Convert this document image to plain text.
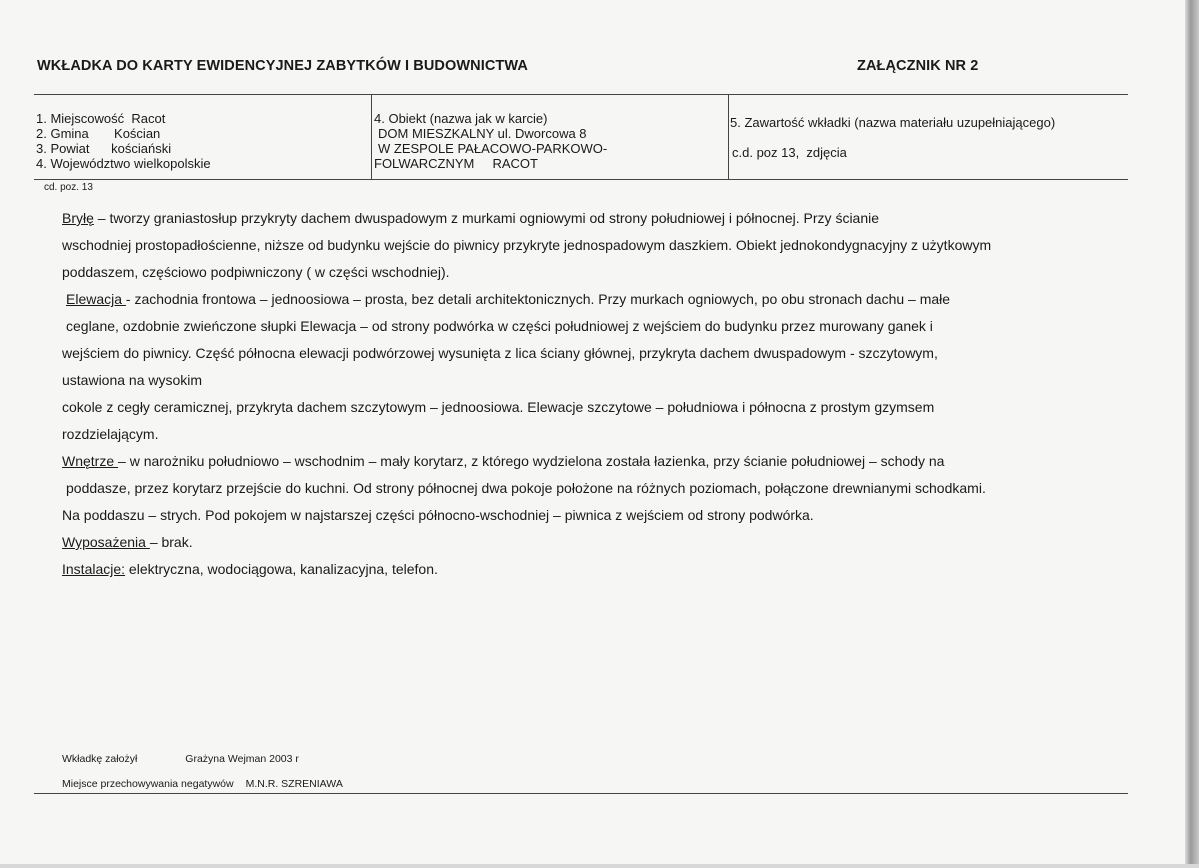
WKŁADKA DO KARTY EWIDENCYJNEJ ZABYTKÓW I BUDOWNICTWA	ZAŁĄCZNIK NR 2
1. Miejscowość  Racot
2. Gmina       Kościan
3. Powiat      kościański
4. Województwo wielkopolskie
4. Obiekt (nazwa jak w karcie)
DOM MIESZKALNY ul. Dworcowa 8
W ZESPOLE PAŁACOWO-PARKOWO-
FOLWARCZNYM     RACOT
5. Zawartość wkładki (nazwa materiału uzupełniającego)
c.d. poz 13,  zdjęcia
cd. poz. 13

Bryłę – tworzy graniastosłup przykryty dachem dwuspadowym z murkami ogniowymi od strony południowej i północnej. Przy ścianie

wschodniej prostopadłościenne, niższe od budynku wejście do piwnicy przykryte jednospadowym daszkiem. Obiekt jednokondygnacyjny z użytkowym

poddaszem, częściowo podpiwniczony ( w części wschodniej).

Elewacja - zachodnia frontowa – jednoosiowa – prosta, bez detali architektonicznych. Przy murkach ogniowych, po obu stronach dachu – małe

ceglane, ozdobnie zwieńczone słupki Elewacja – od strony podwórka w części południowej z wejściem do budynku przez murowany ganek i

wejściem do piwnicy. Część północna elewacji podwórzowej wysunięta z lica ściany głównej, przykryta dachem dwuspadowym - szczytowym,

ustawiona na wysokim

cokole z cegły ceramicznej, przykryta dachem szczytowym – jednoosiowa. Elewacje szczytowe – południowa i północna z prostym gzymsem

rozdzielającym.

Wnętrze – w narożniku południowo – wschodnim – mały korytarz, z którego wydzielona została łazienka, przy ścianie południowej – schody na

poddasze, przez korytarz przejście do kuchni. Od strony północnej dwa pokoje położone na różnych poziomach, połączone drewnianymi schodkami.

Na poddaszu – strych. Pod pokojem w najstarszej części północno-wschodniej – piwnica z wejściem od strony podwórka.

Wyposażenia – brak.

Instalacje: elektryczna, wodociągowa, kanalizacyjna, telefon.

Wkładkę założył	Grażyna Wejman 2003 r
Miejsce przechowywania negatywów M.N.R. SZRENIAWA
